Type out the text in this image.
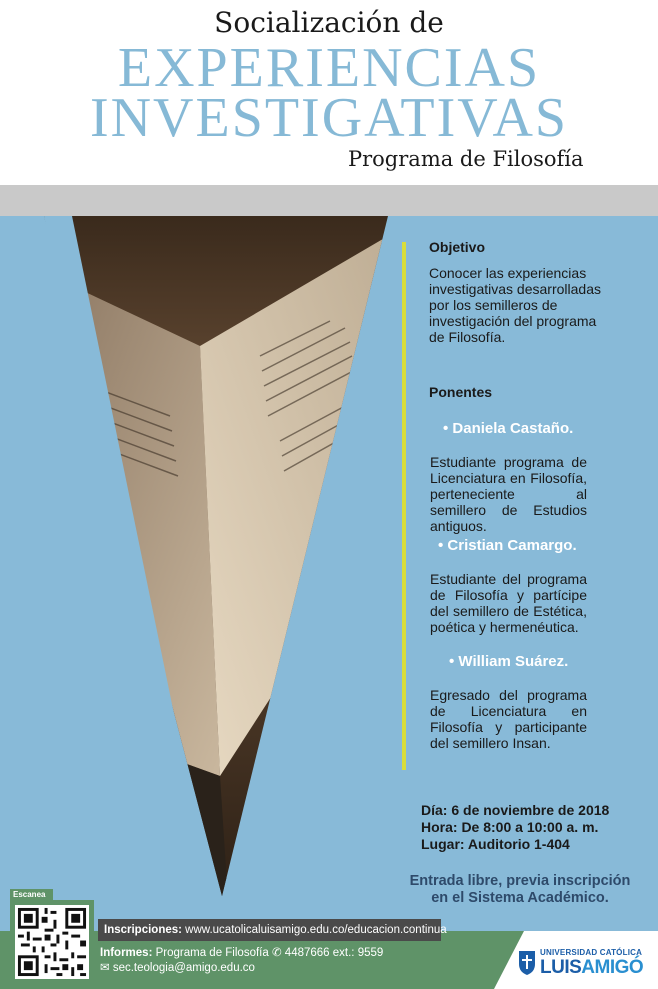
Socialización de
EXPERIENCIAS
INVESTIGATIVAS
Programa de Filosofía
Objetivo
Conocer las experiencias investigativas desarrolladas por los semilleros de investigación del programa de Filosofía.
Ponentes
• Daniela Castaño.
Estudiante programa de Licenciatura en Filosofía, perteneciente al semillero de Estudios antiguos.
• Cristian Camargo.
Estudiante del programa de Filosofía y partícipe del semillero de Estética, poética y hermenéutica.
• William Suárez.
Egresado del programa de Licenciatura en Filosofía y participante del semillero Insan.
Día: 6 de noviembre de 2018
Hora: De 8:00 a 10:00 a. m.
Lugar: Auditorio 1-404
Entrada libre, previa inscripción
en el Sistema Académico.
Escanea
Inscripciones: www.ucatolicaluisamigo.edu.co/educacion.continua
Informes: Programa de Filosofía ✆ 4487666 ext.: 9559
✉ sec.teologia@amigo.edu.co
UNIVERSIDAD CATÓLICA
LUISAMIGÓ
